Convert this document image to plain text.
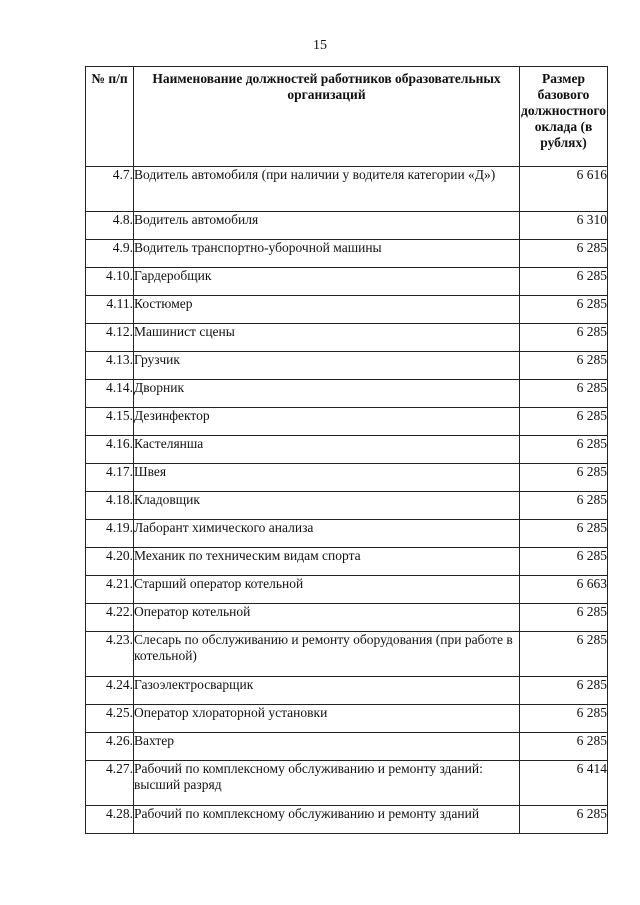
15
№ п/п	Наименование должностей работников образовательных организаций	Размер базового должностного оклада (в рублях)
4.7.	Водитель автомобиля (при наличии у водителя категории «Д»)	6 616
4.8.	Водитель автомобиля	6 310
4.9.	Водитель транспортно-уборочной машины	6 285
4.10.	Гардеробщик	6 285
4.11.	Костюмер	6 285
4.12.	Машинист сцены	6 285
4.13.	Грузчик	6 285
4.14.	Дворник	6 285
4.15.	Дезинфектор	6 285
4.16.	Кастелянша	6 285
4.17.	Швея	6 285
4.18.	Кладовщик	6 285
4.19.	Лаборант химического анализа	6 285
4.20.	Механик по техническим видам спорта	6 285
4.21.	Старший оператор котельной	6 663
4.22.	Оператор котельной	6 285
4.23.	Слесарь по обслуживанию и ремонту оборудования (при работе в котельной)	6 285
4.24.	Газоэлектросварщик	6 285
4.25.	Оператор хлораторной установки	6 285
4.26.	Вахтер	6 285
4.27.	Рабочий по комплексному обслуживанию и ремонту зданий: высший разряд	6 414
4.28.	Рабочий по комплексному обслуживанию и ремонту зданий	6 285
